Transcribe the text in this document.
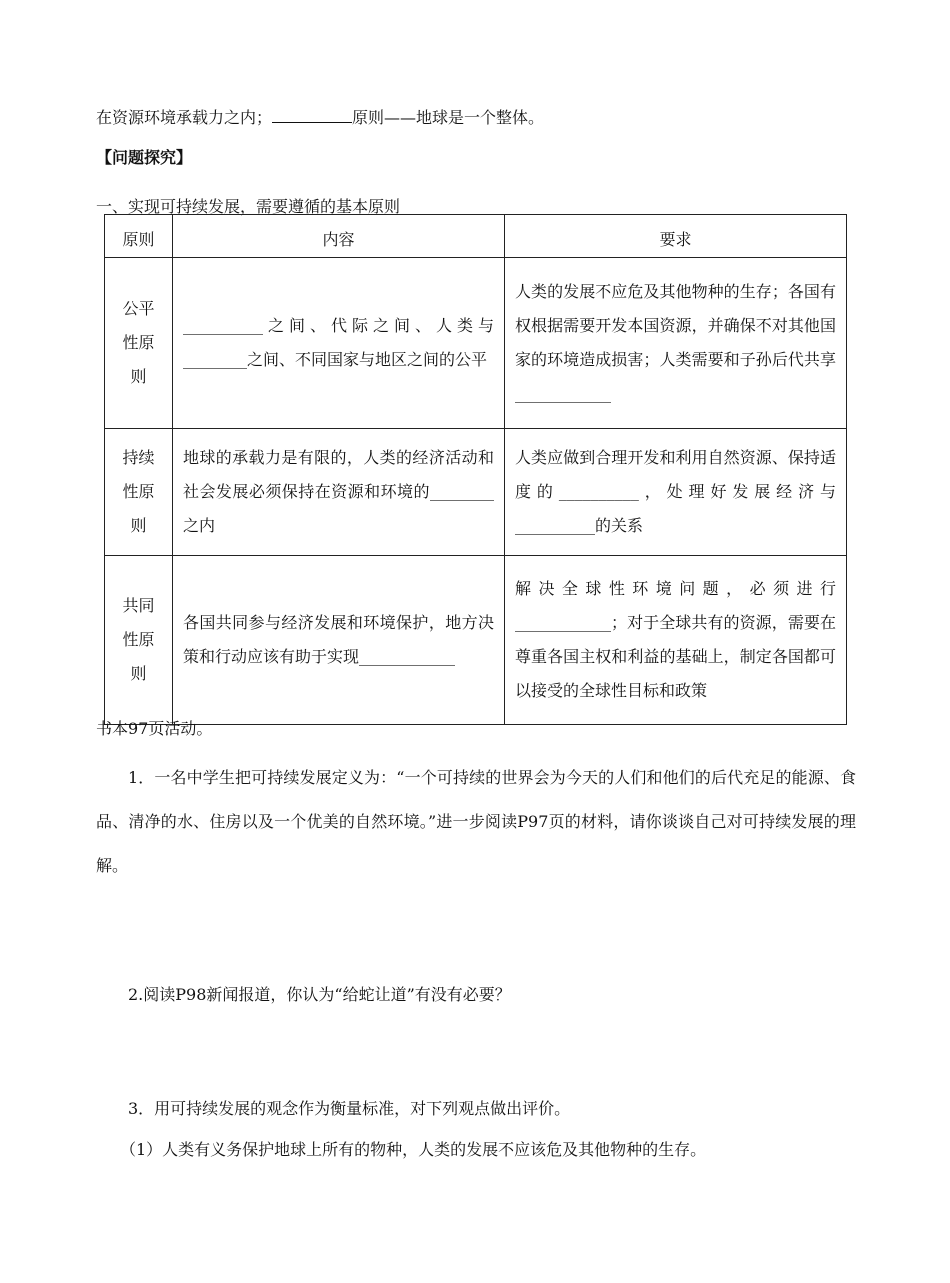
在资源环境承载力之内；	原则——地球是一个整体。
【问题探究】
一、实现可持续发展，需要遵循的基本原则
原则	内容	要求
公平性原则	__________之间、代际之间、人类与________之间、不同国家与地区之间的公平	人类的发展不应危及其他物种的生存；各国有权根据需要开发本国资源，并确保不对其他国家的环境造成损害；人类需要和子孙后代共享____________
持续性原则	地球的承载力是有限的，人类的经济活动和社会发展必须保持在资源和环境的________之内	人类应做到合理开发和利用自然资源、保持适度的__________，处理好发展经济与__________的关系
共同性原则	各国共同参与经济发展和环境保护，地方决策和行动应该有助于实现____________	解决全球性环境问题，必须进行____________；对于全球共有的资源，需要在尊重各国主权和利益的基础上，制定各国都可以接受的全球性目标和政策
书本97页活动。
1．一名中学生把可持续发展定义为：“一个可持续的世界会为今天的人们和他们的后代充足的能源、食品、清净的水、住房以及一个优美的自然环境。”进一步阅读P97页的材料，请你谈谈自己对可持续发展的理解。
2.阅读P98新闻报道，你认为“给蛇让道”有没有必要？
3．用可持续发展的观念作为衡量标准，对下列观点做出评价。
（1）人类有义务保护地球上所有的物种，人类的发展不应该危及其他物种的生存。
